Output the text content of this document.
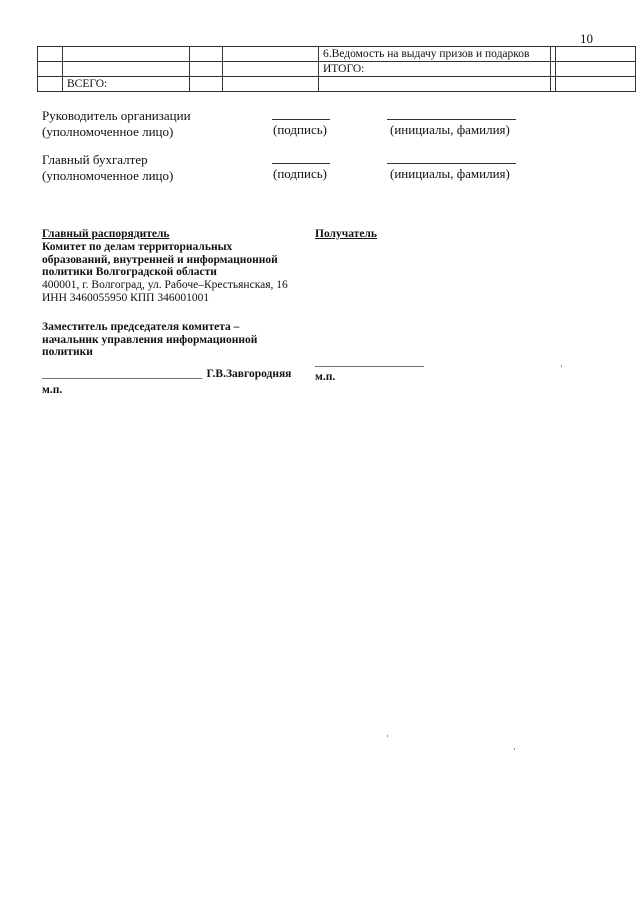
10
				6.Ведомость на выдачу призов и подарков		
				ИТОГО:		
	ВСЕГО:					
Руководитель организации
(уполномоченное лицо)	(подпись)	(инициалы, фамилия)
Главный бухгалтер
(уполномоченное лицо)	(подпись)	(инициалы, фамилия)
Главный распорядитель
Комитет по делам территориальных
образований, внутренней и информационной
политики Волгоградской области
400001, г. Волгоград, ул. Рабоче–Крестьянская, 16
ИНН 3460055950 КПП 346001001
Заместитель председателя комитета –
начальник управления информационной
политики
_______________________________ Г.В.Завгородняя
м.п.
Получатель
_____________________
м.п.
